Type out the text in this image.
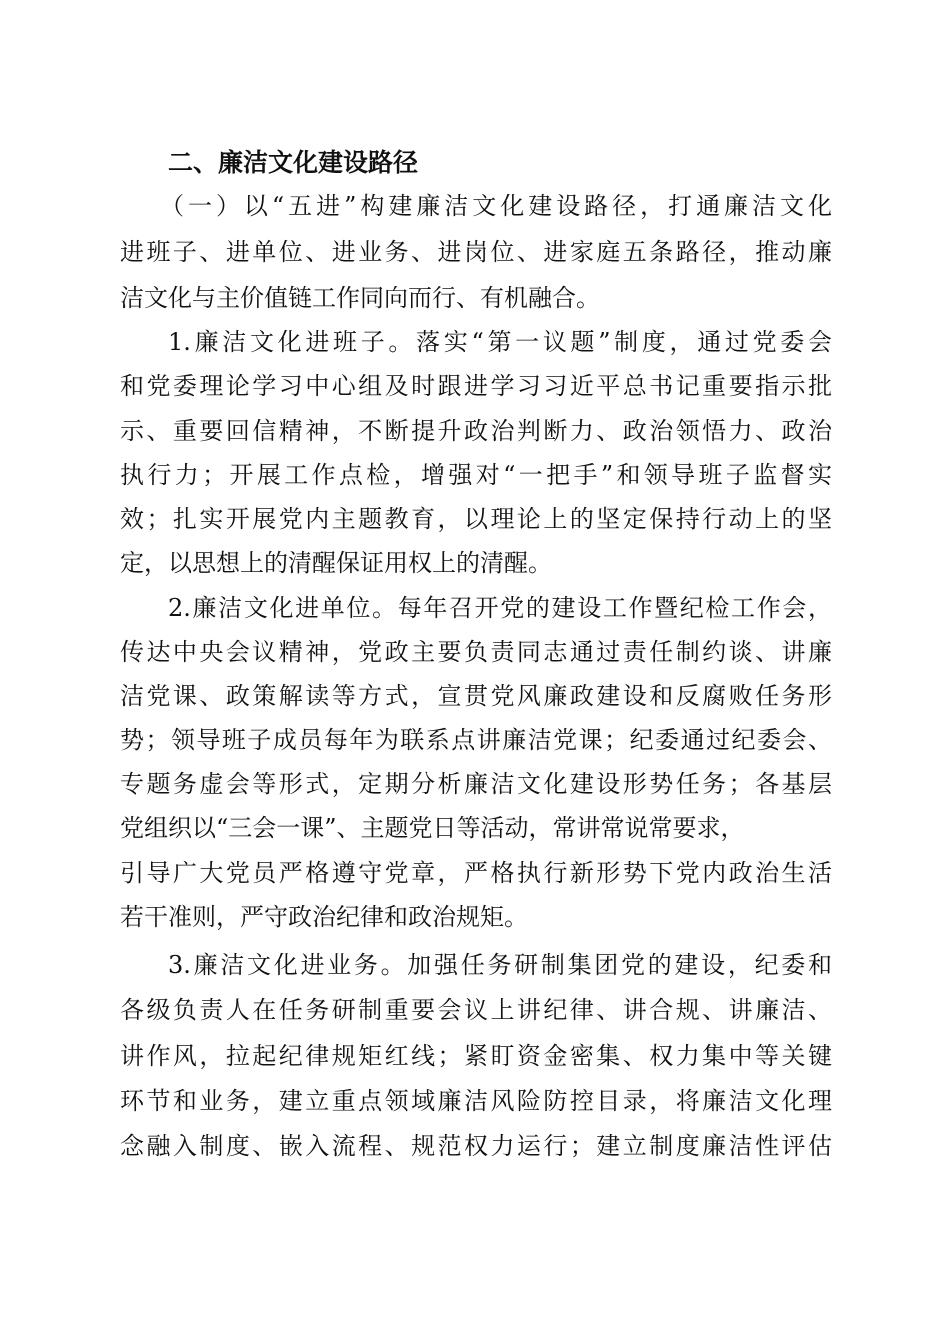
二、廉洁文化建设路径
（一）以“五进”构建廉洁文化建设路径，打通廉洁文化
进班子、进单位、进业务、进岗位、进家庭五条路径，推动廉
洁文化与主价值链工作同向而行、有机融合。
1.廉洁文化进班子。落实“第一议题”制度，通过党委会
和党委理论学习中心组及时跟进学习习近平总书记重要指示批
示、重要回信精神，不断提升政治判断力、政治领悟力、政治
执行力；开展工作点检，增强对“一把手”和领导班子监督实
效；扎实开展党内主题教育，以理论上的坚定保持行动上的坚
定，以思想上的清醒保证用权上的清醒。
2.廉洁文化进单位。每年召开党的建设工作暨纪检工作会，
传达中央会议精神，党政主要负责同志通过责任制约谈、讲廉
洁党课、政策解读等方式，宣贯党风廉政建设和反腐败任务形
势；领导班子成员每年为联系点讲廉洁党课；纪委通过纪委会、
专题务虚会等形式，定期分析廉洁文化建设形势任务；各基层
党组织以“三会一课”、主题党日等活动，常讲常说常要求，
引导广大党员严格遵守党章，严格执行新形势下党内政治生活
若干准则，严守政治纪律和政治规矩。
3.廉洁文化进业务。加强任务研制集团党的建设，纪委和
各级负责人在任务研制重要会议上讲纪律、讲合规、讲廉洁、
讲作风，拉起纪律规矩红线；紧盯资金密集、权力集中等关键
环节和业务，建立重点领域廉洁风险防控目录，将廉洁文化理
念融入制度、嵌入流程、规范权力运行；建立制度廉洁性评估
